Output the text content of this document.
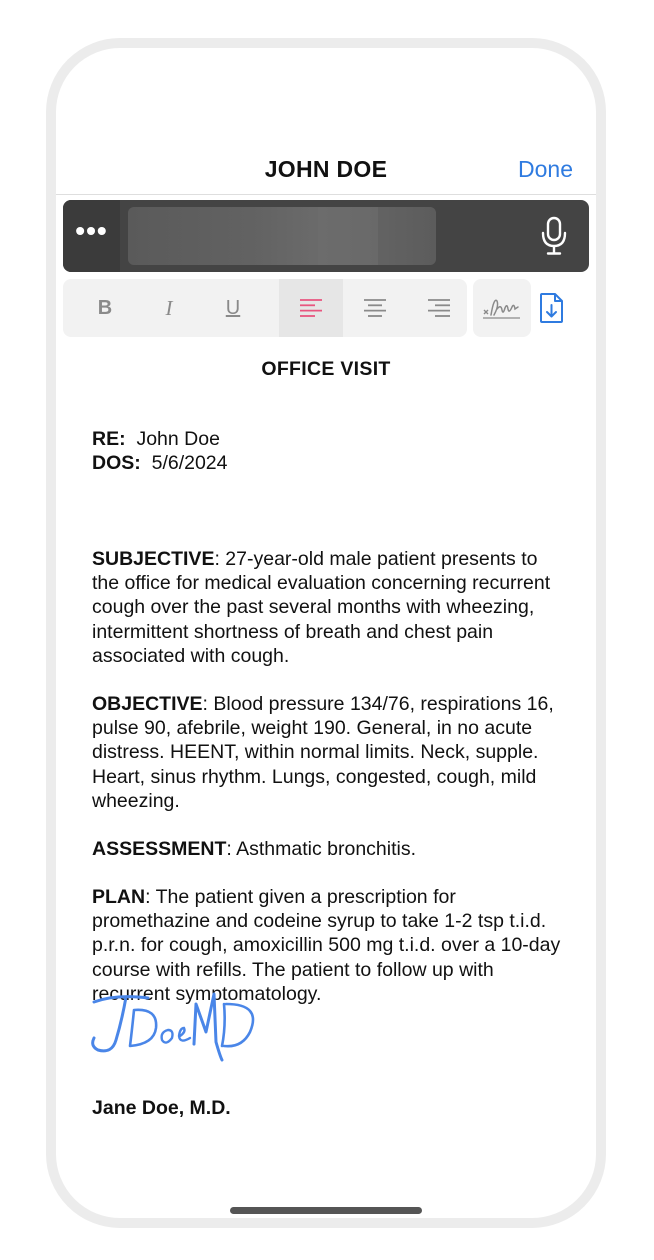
JOHN DOE	Done
•••
B	I	U
OFFICE VISIT
RE: John Doe
DOS: 5/6/2024
SUBJECTIVE: 27-year-old male patient presents to the office for medical evaluation concerning recurrent cough over the past several months with wheezing, intermittent shortness of breath and chest pain associated with cough.
OBJECTIVE: Blood pressure 134/76, respirations 16, pulse 90, afebrile, weight 190. General, in no acute distress. HEENT, within normal limits. Neck, supple. Heart, sinus rhythm. Lungs, congested, cough, mild wheezing.
ASSESSMENT: Asthmatic bronchitis.
PLAN: The patient given a prescription for promethazine and codeine syrup to take 1-2 tsp t.i.d. p.r.n. for cough, amoxicillin 500 mg t.i.d. over a 10-day course with refills. The patient to follow up with recurrent symptomatology.
Jane Doe, M.D.
